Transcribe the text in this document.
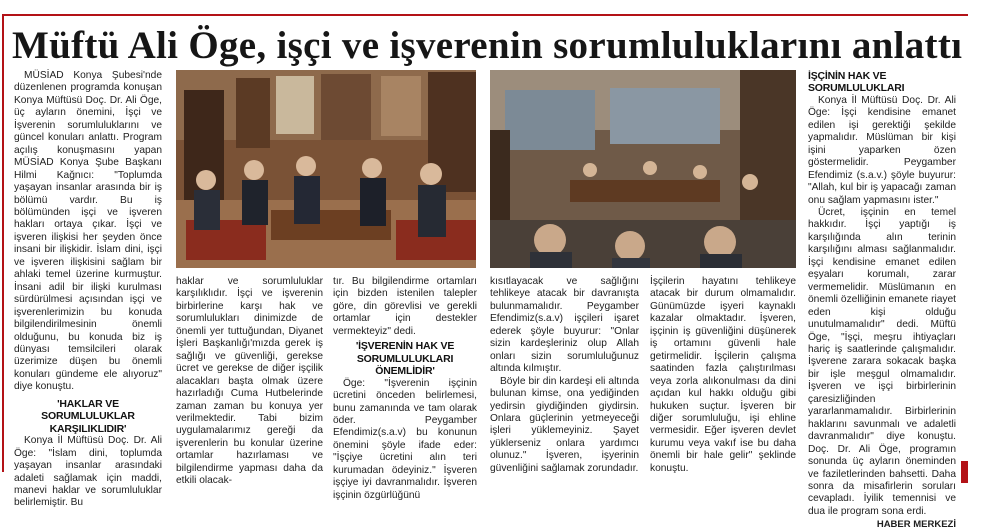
Müftü Ali Öge, işçi ve işverenin sorumluluklarını anlattı

MÜSİAD Konya Şubesi'nde düzenlenen programda konuşan Konya Müftüsü Doç. Dr. Ali Öge, üç ayların önemini, İşçi ve İşverenin sorumluluklarını ve güncel konuları anlattı. Program açılış konuşmasını yapan MÜSİAD Konya Şube Başkanı Hilmi Kağnıcı: "Toplumda yaşayan insanlar arasında bir iş bölümü vardır. Bu iş bölümünden işçi ve işveren hakları ortaya çıkar. İşçi ve işveren ilişkisi her şeyden önce insani bir ilişkidir. İslam dini, işçi ve işveren ilişkisini sağlam bir ahlaki temel üzerine kurmuştur. İnsani adil bir ilişki kurulması sürdürülmesi açısından işçi ve işverenlerimizin bu konuda bilgilendirilmesinin önemli olduğunu, bu konuda biz iş dünyası temsilcileri olarak üzerimize düşen bu önemli konuları gündeme ele alıyoruz" diye konuştu.

'HAKLAR VE SORUMLULUKLAR KARŞILIKLIDIR'

Konya İl Müftüsü Doç. Dr. Ali Öge: "İslam dini, toplumda yaşayan insanlar arasındaki adaleti sağlamak için maddi, manevi haklar ve sorumluluklar belirlemiştir. Bu

haklar ve sorumluluklar karşılıklıdır. İşçi ve işverenin birbirlerine karşı hak ve sorumlulukları dinimizde de önemli yer tuttuğundan, Diyanet İşleri Başkanlığı'mızda gerek iş sağlığı ve güvenliği, gerekse ücret ve gerekse de diğer işçilik alacakları başta olmak üzere hazırladığı Cuma Hutbelerinde zaman zaman bu konuya yer verilmektedir. Tabi bizim uygulamalarımız gereği da işverenlerin bu konular üzerine ortamlar hazırlaması ve bilgilendirme yapması daha da etkili olacak-

tır. Bu bilgilendirme ortamları için bizden istenilen talepler göre, din görevlisi ve gerekli ortamlar için destekler vermekteyiz" dedi.

'İŞVERENİN HAK VE SORUMLULUKLARI ÖNEMLİDİR'

Öge: "İşverenin işçinin ücretini önceden belirlemesi, bunu zamanında ve tam olarak öder. Peygamber Efendimiz(s.a.v) bu konunun önemini şöyle ifade eder: "İşçiye ücretini alın teri kurumadan ödeyiniz." İşveren işçiye iyi davranmalıdır. İşveren işçinin özgürlüğünü

kısıtlayacak ve sağlığını tehlikeye atacak bir davranışta bulunmamalıdır. Peygamber Efendimiz(s.a.v) işçileri işaret ederek şöyle buyurur: "Onlar sizin kardeşleriniz olup Allah onları sizin sorumluluğunuz altında kılmıştır.

Böyle bir din kardeşi eli altında bulunan kimse, ona yediğinden yedirsin giydiğinden giydirsin. Onlara güçlerinin yetmeyeceği işleri yüklemeyiniz. Şayet yüklerseniz onlara yardımcı olunuz." İşveren, işyerinin güvenliğini sağlamak zorundadır.

İşçilerin hayatını tehlikeye atacak bir durum olmamalıdır. Günümüzde işyeri kaynaklı kazalar olmaktadır. İşveren, işçinin iş güvenliğini düşünerek iş ortamını güvenli hale getirmelidir. İşçilerin çalışma saatinden fazla çalıştırılması veya zorla alıkonulması da dini açıdan kul hakkı olduğu gibi hukuken suçtur. İşveren bir diğer sorumluluğu, işi ehline vermesidir. Eğer işveren devlet kurumu veya vakıf ise bu daha önemli bir hale gelir" şeklinde konuştu.

İŞÇİNİN HAK VE SORUMLULUKLARI

Konya İl Müftüsü Doç. Dr. Ali Öge: İşçi kendisine emanet edilen işi gerektiği şekilde yapmalıdır. Müslüman bir kişi işini yaparken özen göstermelidir. Peygamber Efendimiz (s.a.v.) şöyle buyurur: "Allah, kul bir iş yapacağı zaman onu sağlam yapmasını ister."

Ücret, işçinin en temel hakkıdır. İşçi yaptığı iş karşılığında alın terinin karşılığını alması sağlanmalıdır. İşçi kendisine emanet edilen eşyaları korumalı, zarar vermemelidir. Müslümanın en önemli özelliğinin emanete riayet eden kişi olduğu unutulmamalıdır" dedi. Müftü Öge, "İşçi, meşru ihtiyaçları hariç iş saatlerinde çalışmalıdır. İşverene zarara sokacak başka bir işle meşgul olmamalıdır. İşveren ve işçi birbirlerinin çaresizliğinden yararlanmamalıdır. Birbirlerinin haklarını savunmalı ve adaletli davranmalıdır" diye konuştu. Doç. Dr. Ali Öge, programın sonunda üç ayların öneminden ve faziletlerinden bahsetti. Daha sonra da misafirlerin soruları cevapladı. İyilik temennisi ve dua ile program sona erdi.

HABER MERKEZİ
